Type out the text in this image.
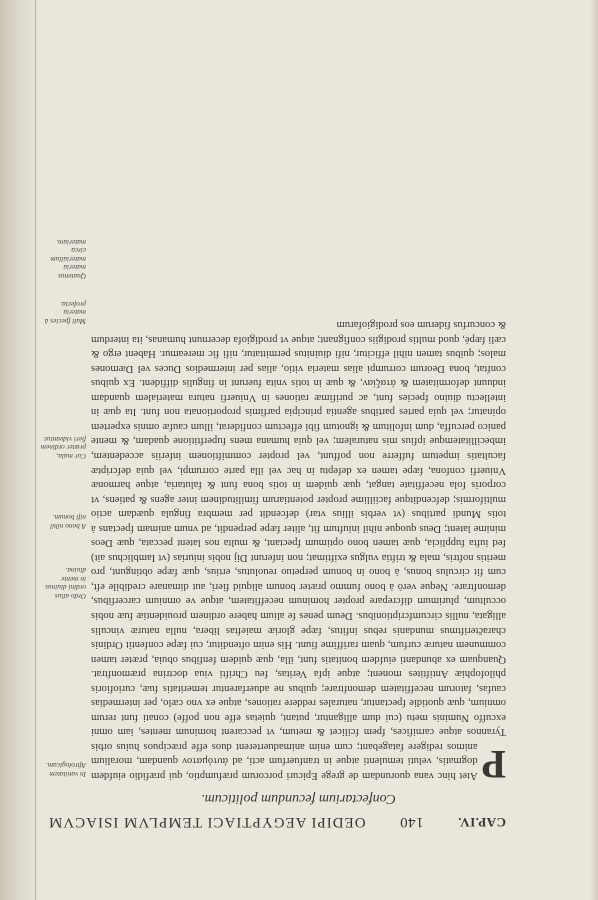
CAP.IV.
140
OEDIPI AEGYPTIACI TEMPLVM ISIACVM
Confectarium fecundum politicum.
P
Atet hinc vana quorundam de grege Epicuri porcorum præfumptio, qui præfidio eiufdem dogmatis, veluti temulenti atque in tranfuerfum acti, ad ἀυτόματον quandam, moralium animos redigere fatagebant; cum enim animaduerterent duos effe præcipuos huius orbis Tyrannos atque carnifices, fpem fcilicet & metum, vt peccarent hominum mentes, iam omni excuffo Numinis metu (cui dum alligantur, putant, quietas effe non poffe) conati funt rerum omnium, quæ quotidie fpectantur, naturales reddere rationes, atque ex vno cælo, per intermedias caufas, fatorum neceffitatem demonftrare; quibus ne aduerfarentur temeritatis fuæ, curiofioris philofophiæ Antiftites monent; atque ipfa Veritas, feu Chrifti viua doctrina præmonftrat. Quanquam ex abundanti eiufdem bonitatis funt, illa, quæ quidem fenfibus obuia, præter tamen communem naturæ curfum, quam rariffime fiunt. His enim oftenditur, cui fæpe confentit Ordinis charačteriftmus mundanis rebus infitus, fæpe gloriæ maieftas libera, nulla naturæ vinculis alligata, nullis circumfcriptionibus. Deum penes fe alium habere ordinem prouidentiæ fuæ nobis occultum, plurimum difcrepare propter hominum neceffitatem, atque ve omnium carcerfibus, demonftrare. Neque verò à bono fummo præter bonum aliquid fieri, aut dimanare credibile eft, cum fit circulus bonus, à bono in bonum perpetuo reuolutus, ertius, quæ fæpe obtingunt, pro meritis noftris, mala & triftia vulgus exiftimat; non inferunt Dij nobis iniurias (vt Iamblichus ait) fed iufta fupplicia, quæ tamen bono optimum fpectant, & multa nos latent peccata, quæ Deos minime latent; Deus quoque nihil iniuftum fit, aliter fæpe perpendit, ad vnum animam fpectans à totis Mundi partibus (vt verbis illius vtar) defcendit per membra fingula quædam actio multiformis; defcenditque faciillime propter potentiarum fimilitudinem inter agens & patiens, vt corporis fola neceffitate tangat, quæ quidem in totis bona funt & falutaria, atque harmonæ Vniuerfi confona, fæpe tamen ex defeptu in hac vel illa parte corrumpi, vel quia defcriptæ facultatis impetum fufferre non poffunt, vel propter commiftionem inferiis accedentem, imbecillitatemque ipfius mis naturalem; vel quia humana mens fuperftitione quadam, & mente panico percuffa, dum infolitum & ignotum fibi effectum confiderat, illum caufæ omnis expertem opinatur; vel quia partes partibus agentia principia parfimis proportionata non funt. Ita quæ in intellectu diuino fpecies funt, ac purifimæ rationes in Vniuerfi natura materialem quandam induunt deformitatem & ἀταξίαν, & quæ in totis vnita fuerunt in fingulis diffident. Ex quibus conftat, bona Deorum corrumpi alias materia vitio, alias per intermedios Duces vel Dæmones malos; quibus tamen nihil efficitur, nifi diuinitus permittatur, nifi fic mereamur. Habent ergo & cæli fæpè, quod multis prodigiis confignant; atque vt prodigiofa decernunt humanas, ita interdum & concurfus fiderum eos prodigiofarum
In vanitatem Aftrologicam.
Ordo alius ordini diuinus in mente diuina.
A bono nihil nifi bonum.
Cur mala, præter ordinem fieri videantur.
Mali fpecies à materia profecta.
Quatenus materia materialium circa materiam.
